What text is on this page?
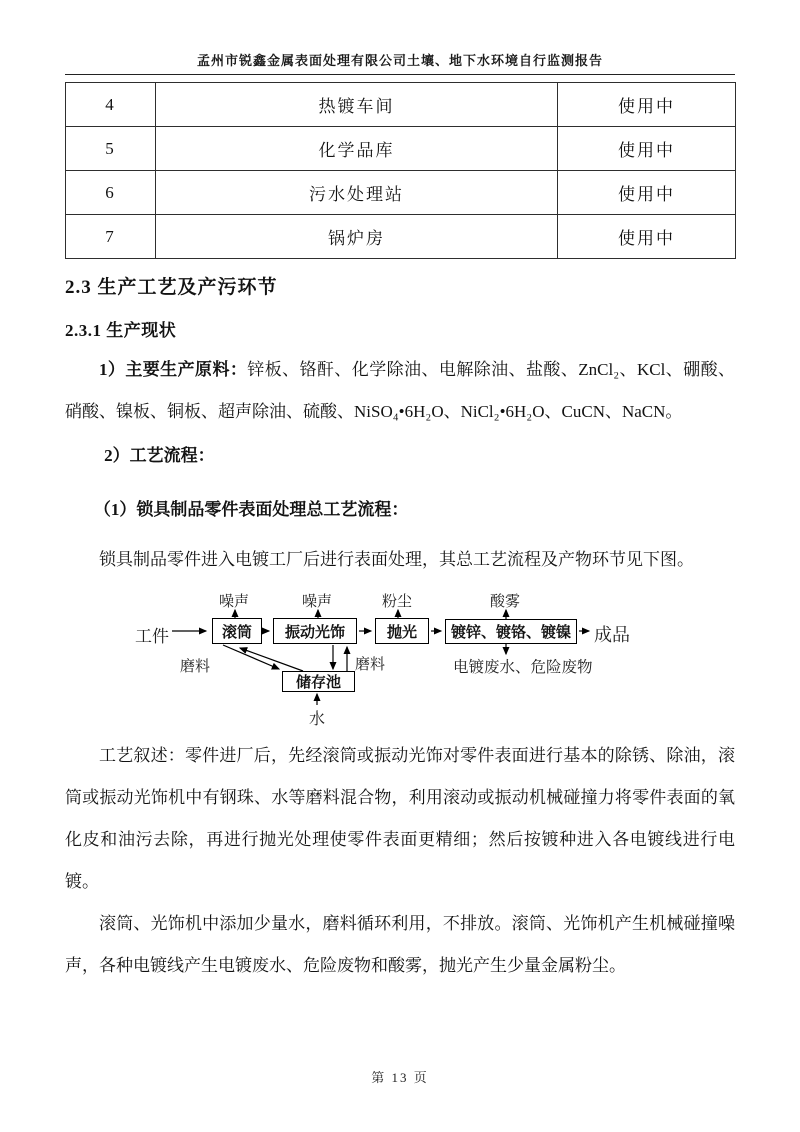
孟州市锐鑫金属表面处理有限公司土壤、地下水环境自行监测报告
4	热镀车间	使用中
5	化学品库	使用中
6	污水处理站	使用中
7	锅炉房	使用中
2.3 生产工艺及产污环节
2.3.1 生产现状

1）主要生产原料：锌板、铬酐、化学除油、电解除油、盐酸、ZnCl₂、KCl、硼酸、硝酸、镍板、铜板、超声除油、硫酸、NiSO₄•6H₂O、NiCl₂•6H₂O、CuCN、NaCN。

2）工艺流程：

（1）锁具制品零件表面处理总工艺流程：

锁具制品零件进入电镀工厂后进行表面处理，其总工艺流程及产物环节见下图。

工件	滚筒	振动光饰	抛光	镀锌、镀铬、镀镍	成品
噪声	噪声	粉尘	酸雾
储存池
磨料	磨料
水
电镀废水、危险废物

工艺叙述：零件进厂后，先经滚筒或振动光饰对零件表面进行基本的除锈、除油，滚筒或振动光饰机中有钢珠、水等磨料混合物，利用滚动或振动机械碰撞力将零件表面的氧化皮和油污去除，再进行抛光处理使零件表面更精细；然后按镀种进入各电镀线进行电镀。

滚筒、光饰机中添加少量水，磨料循环利用，不排放。滚筒、光饰机产生机械碰撞噪声，各种电镀线产生电镀废水、危险废物和酸雾，抛光产生少量金属粉尘。

第 13 页
